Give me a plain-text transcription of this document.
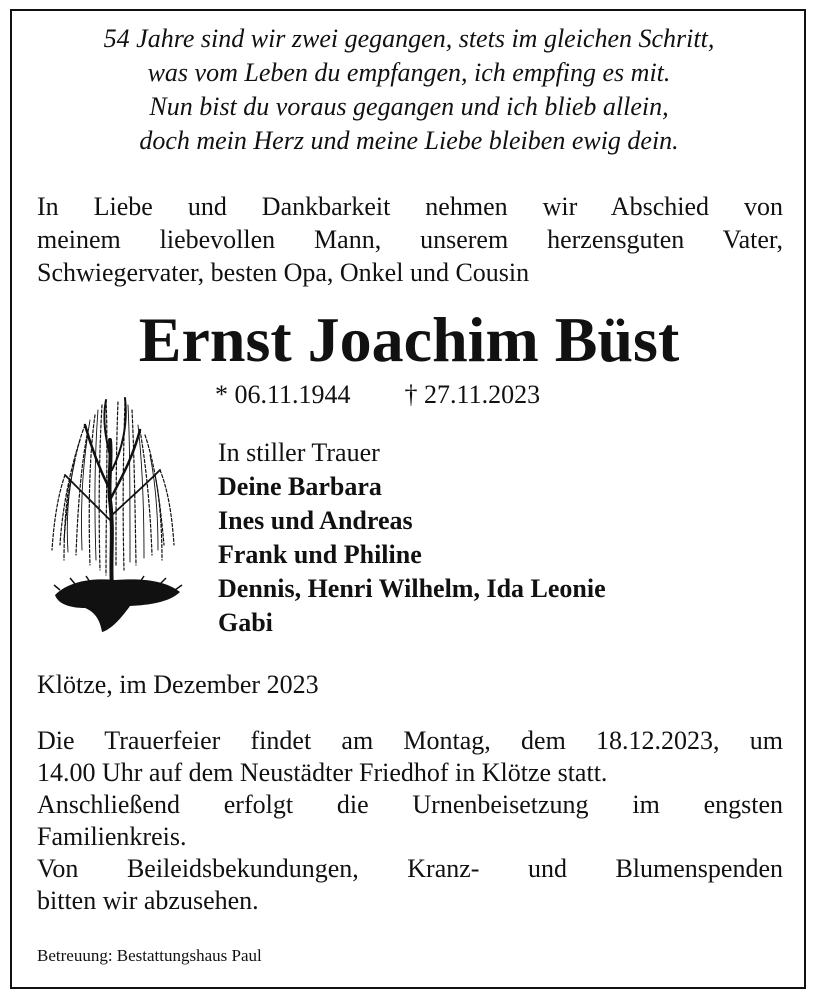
54 Jahre sind wir zwei gegangen, stets im gleichen Schritt,
was vom Leben du empfangen, ich empfing es mit.
Nun bist du voraus gegangen und ich blieb allein,
doch mein Herz und meine Liebe bleiben ewig dein.
In Liebe und Dankbarkeit nehmen wir Abschied von
meinem liebevollen Mann, unserem herzensguten Vater,
Schwiegervater, besten Opa, Onkel und Cousin
Ernst Joachim Büst
* 06.11.1944 † 27.11.2023
In stiller Trauer
Deine Barbara
Ines und Andreas
Frank und Philine
Dennis, Henri Wilhelm, Ida Leonie
Gabi
Klötze, im Dezember 2023
Die Trauerfeier findet am Montag, dem 18.12.2023, um
14.00 Uhr auf dem Neustädter Friedhof in Klötze statt.
Anschließend erfolgt die Urnenbeisetzung im engsten
Familienkreis.
Von Beileidsbekundungen, Kranz- und Blumenspenden
bitten wir abzusehen.
Betreuung: Bestattungshaus Paul
